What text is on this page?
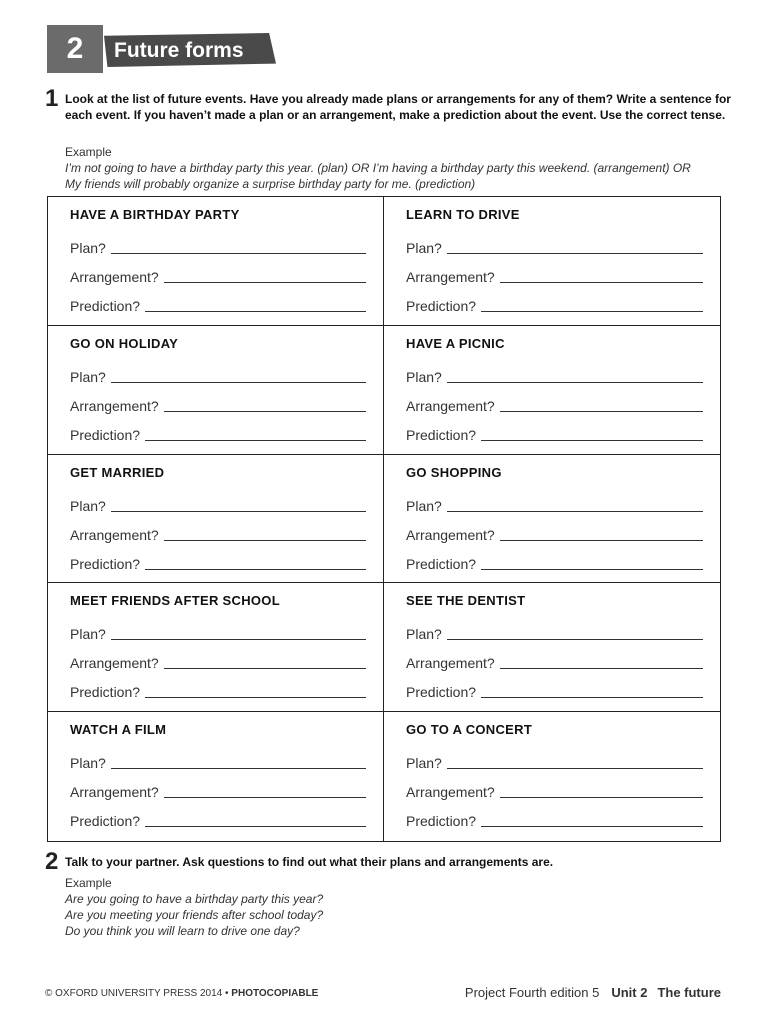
2	Future forms
1 Look at the list of future events. Have you already made plans or arrangements for any of them? Write a sentence for each event. If you haven’t made a plan or an arrangement, make a prediction about the event. Use the correct tense.
Example
I’m not going to have a birthday party this year. (plan) OR I’m having a birthday party this weekend. (arrangement) OR
My friends will probably organize a surprise birthday party for me. (prediction)
HAVE A BIRTHDAY PARTY
Plan?
Arrangement?
Prediction?
LEARN TO DRIVE
Plan?
Arrangement?
Prediction?
GO ON HOLIDAY
Plan?
Arrangement?
Prediction?
HAVE A PICNIC
Plan?
Arrangement?
Prediction?
GET MARRIED
Plan?
Arrangement?
Prediction?
GO SHOPPING
Plan?
Arrangement?
Prediction?
MEET FRIENDS AFTER SCHOOL
Plan?
Arrangement?
Prediction?
SEE THE DENTIST
Plan?
Arrangement?
Prediction?
WATCH A FILM
Plan?
Arrangement?
Prediction?
GO TO A CONCERT
Plan?
Arrangement?
Prediction?
2 Talk to your partner. Ask questions to find out what their plans and arrangements are.
Example
Are you going to have a birthday party this year?
Are you meeting your friends after school today?
Do you think you will learn to drive one day?
© OXFORD UNIVERSITY PRESS 2014 • PHOTOCOPIABLE	Project Fourth edition 5 Unit 2 The future
